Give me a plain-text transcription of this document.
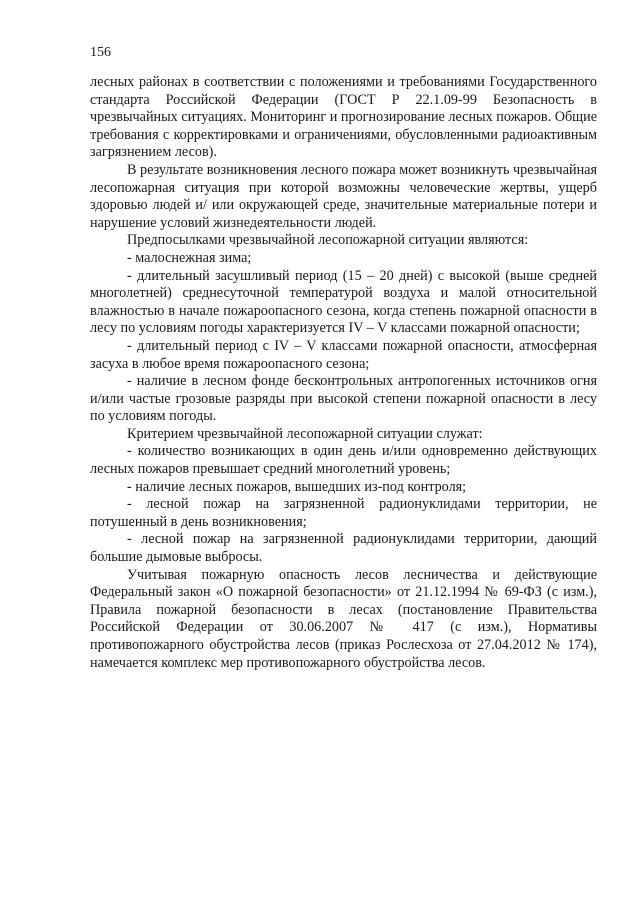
156

лесных районах в соответствии с положениями и требованиями Государственного стандарта Российской Федерации (ГОСТ Р 22.1.09-99 Безопасность в чрезвычайных ситуациях. Мониторинг и прогнозирование лесных пожаров. Общие требования с корректировками и ограничениями, обусловленными радиоактивным загрязнением лесов).

В результате возникновения лесного пожара может возникнуть чрезвычайная лесопожарная ситуация при которой возможны человеческие жертвы, ущерб здоровью людей и/ или окружающей среде, значительные материальные потери и нарушение условий жизнедеятельности людей.

Предпосылками чрезвычайной лесопожарной ситуации являются:

- малоснежная зима;

- длительный засушливый период (15 – 20 дней) с высокой (выше средней многолетней) среднесуточной температурой воздуха и малой относительной влажностью в начале пожароопасного сезона, когда степень пожарной опасности в лесу по условиям погоды характеризуется IV – V классами пожарной опасности;

- длительный период с IV – V классами пожарной опасности, атмосферная засуха в любое время пожароопасного сезона;

- наличие в лесном фонде бесконтрольных антропогенных источников огня и/или частые грозовые разряды при высокой степени пожарной опасности в лесу по условиям погоды.

Критерием чрезвычайной лесопожарной ситуации служат:

- количество возникающих в один день и/или одновременно действующих лесных пожаров превышает средний многолетний уровень;

- наличие лесных пожаров, вышедших из-под контроля;

- лесной пожар на загрязненной радионуклидами территории, не потушенный в день возникновения;

- лесной пожар на загрязненной радионуклидами территории, дающий большие дымовые выбросы.

Учитывая пожарную опасность лесов лесничества и действующие Федеральный закон «О пожарной безопасности» от 21.12.1994 № 69-ФЗ (с изм.), Правила пожарной безопасности в лесах (постановление Правительства Российской Федерации от 30.06.2007 № 417 (с изм.), Нормативы противопожарного обустройства лесов (приказ Рослесхоза от 27.04.2012 № 174), намечается комплекс мер противопожарного обустройства лесов.
